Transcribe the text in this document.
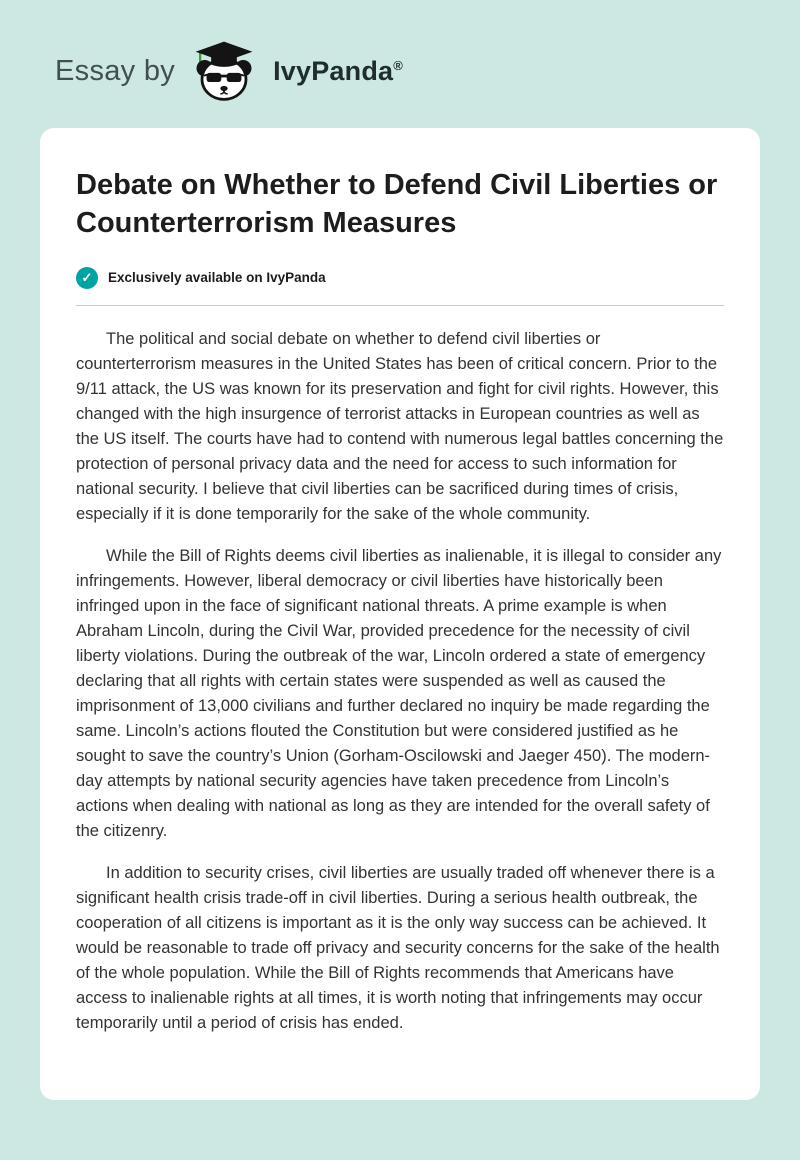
Essay by	IvyPanda®
Debate on Whether to Defend Civil Liberties or Counterterrorism Measures
✓	Exclusively available on IvyPanda

The political and social debate on whether to defend civil liberties or counterterrorism measures in the United States has been of critical concern. Prior to the 9/11 attack, the US was known for its preservation and fight for civil rights. However, this changed with the high insurgence of terrorist attacks in European countries as well as the US itself. The courts have had to contend with numerous legal battles concerning the protection of personal privacy data and the need for access to such information for national security. I believe that civil liberties can be sacrificed during times of crisis, especially if it is done temporarily for the sake of the whole community.

While the Bill of Rights deems civil liberties as inalienable, it is illegal to consider any infringements. However, liberal democracy or civil liberties have historically been infringed upon in the face of significant national threats. A prime example is when Abraham Lincoln, during the Civil War, provided precedence for the necessity of civil liberty violations. During the outbreak of the war, Lincoln ordered a state of emergency declaring that all rights with certain states were suspended as well as caused the imprisonment of 13,000 civilians and further declared no inquiry be made regarding the same. Lincoln’s actions flouted the Constitution but were considered justified as he sought to save the country’s Union (Gorham-Oscilowski and Jaeger 450). The modern-day attempts by national security agencies have taken precedence from Lincoln’s actions when dealing with national as long as they are intended for the overall safety of the citizenry.

In addition to security crises, civil liberties are usually traded off whenever there is a significant health crisis trade-off in civil liberties. During a serious health outbreak, the cooperation of all citizens is important as it is the only way success can be achieved. It would be reasonable to trade off privacy and security concerns for the sake of the health of the whole population. While the Bill of Rights recommends that Americans have access to inalienable rights at all times, it is worth noting that infringements may occur temporarily until a period of crisis has ended.
